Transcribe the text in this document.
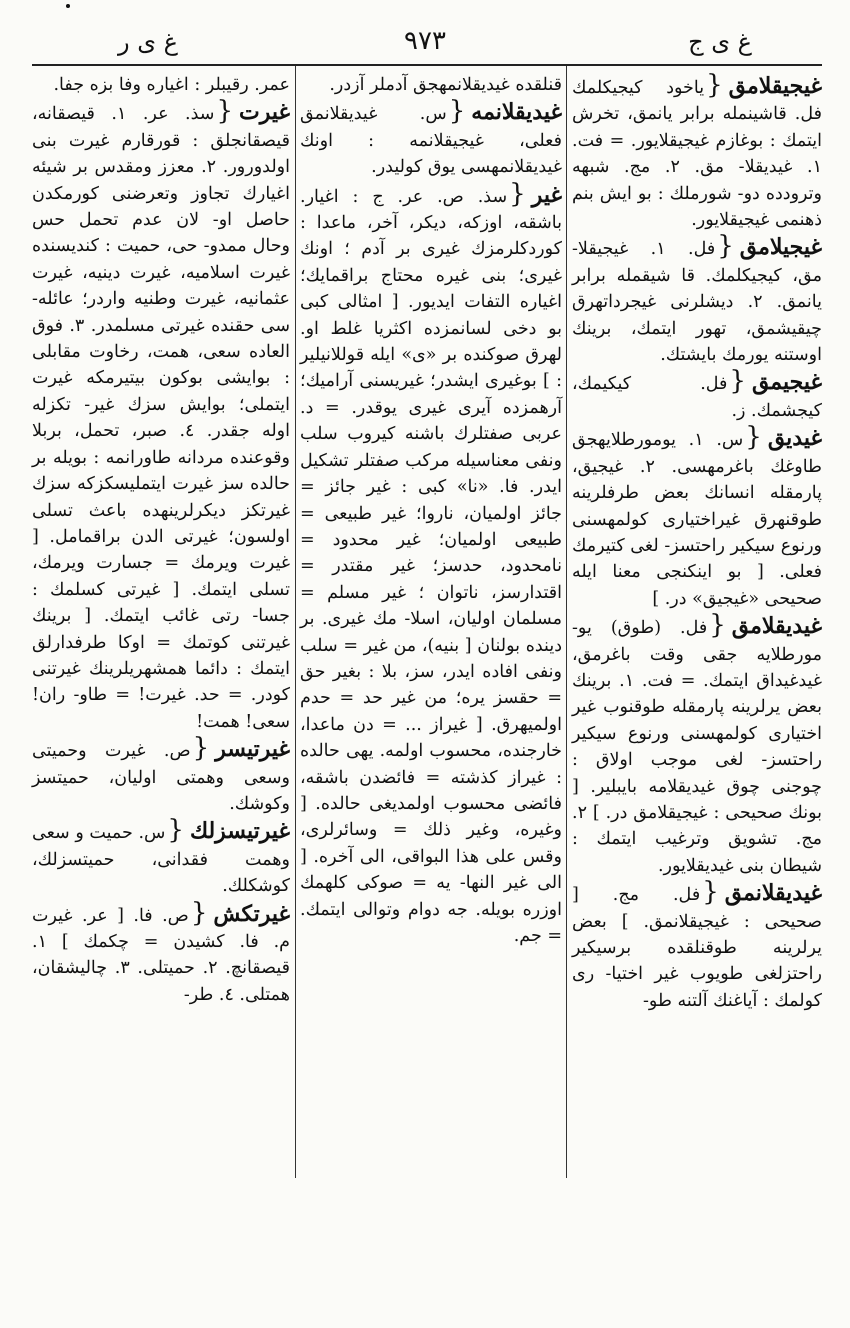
غ ى ج
٩٧٣
غ ى ر

غيجيقلامق{ياخود كيجيكلمك فل. قاشينمله برابر يانمق، تخرش ايتمك : بوغازم غيجيقلايور. = فت. ١. غيديقلا- مق. ٢. مج. شبهه وترودده دو- شورملك : بو ايش بنم ذهنمى غيجيقلايور.

غيجيلامق{فل. ١. غيجيقلا- مق، كيجيكلمك. قا شيقمله برابر يانمق. ٢. ديشلرنى غيجرداتهرق چيقيشمق، تهور ايتمك، برينك اوستنه يورمك بايشتك.

غيجيمق{فل. كيكيمك، كيجشمك. ز.

غيديق{س. ١. يومورطلايهجق طاوغك باغرمهسى. ٢. غيجيق، پارمقله انسانك بعض طرفلرينه طوقنهرق غيراختيارى كولمهسنى ورنوع سيكير راحتسز- لغى كتيرمك فعلى. [ بو اينكنجى معنا ايله صحيحى «غيجيق» در. ]

غيديقلامق{فل. (طوق) يو- مورطلايه جقى وقت باغرمق، غيدغيداق ايتمك. = فت. ١. برينك بعض يرلرينه پارمقله طوقنوب غير اختيارى كولمهسنى ورنوع سيكير راحتسز- لغى موجب اولاق : چوجنى چوق غيديقلامه بايبلير. [ بونك صحيحى : غيجيقلامق در. ] ٢. مج. تشويق وترغيب ايتمك : شيطان بنى غيديقلايور.

غيديقلانمق{فل. مج. [ صحيحى : غيجيقلانمق. ] بعض يرلرينه طوقنلقده برسيكير راحتزلغى طويوب غير اختيا- رى كولمك : آياغنك آلتنه طو-

قنلقده غيديقلانمهجق آدملر آزدر.

غيديقلانمه{س. غيديقلانمق فعلى، غيجيقلانمه : اونك غيديقلانمهسى يوق كوليدر.

غير{سذ. ص. عر. ج : اغيار. باشقه، اوزكه، ديكر، آخر، ماعدا : كوردكلرمزك غيرى بر آدم ؛ اونك غيرى؛ بنى غيره محتاج براقمايك؛ اغياره التفات ايديور. [ امثالى كبى بو دخى لسانمزده اكثريا غلط او. لهرق صوكنده بر «ى» ايله قوللانيلير : ] بوغيرى ايشدر؛ غيريسنى آراميك؛ آرهمزده آيرى غيرى يوقدر. = د. عربى صفتلرك باشنه كيروب سلب ونفى معناسيله مركب صفتلر تشكيل ايدر. فا. «نا» كبى : غير جائز = جائز اولميان، ناروا؛ غير طبيعى = طبيعى اولميان؛ غير محدود = نامحدود، حدسز؛ غير مقتدر = اقتدارسز، ناتوان ؛ غير مسلم = مسلمان اوليان، اسلا- مك غيرى. بر دينده بولنان [ بنيه)، من غير = سلب ونفى افاده ايدر، سز، بلا : بغير حق = حقسز يره؛ من غير حد = حدم اولميهرق. [ غيراز ... = دن ماعدا، خارجنده، محسوب اولمه. يهى حالده : غيراز كذشته = فائضدن باشقه، فائضى محسوب اولمديغى حالده. [ وغيره، وغير ذلك = وسائرلرى، وقس على هذا البواقى، الى آخره. [ الى غير النها- يه = صوكى كلهمك اوزره بويله. جه دوام وتوالى ايتمك. = جم.

عمر. رقيبلر : اغياره وفا بزه جفا.

غيرت{سذ. عر. ١. قيصقانه، قيصقانجلق : قورقارم غيرت بنى اولدورور. ٢. معزز ومقدس بر شيئه اغيارك تجاوز وتعرضنى كورمكدن حاصل او- لان عدم تحمل حس وحال ممدو- حى، حميت : كنديسنده غيرت اسلاميه، غيرت دينيه، غيرت عثمانيه، غيرت وطنيه واردر؛ عائله- سى حقنده غيرتى مسلمدر. ٣. فوق العاده سعى، همت، رخاوت مقابلى : بوايشى بوكون بيتيرمكه غيرت ايتملى؛ بوايش سزك غير- تكزله اوله جقدر. ٤. صبر، تحمل، بربلا وقوعنده مردانه طاورانمه : بويله بر حالده سز غيرت ايتمليسكزكه سزك غيرتكز ديكرلرينهده باعث تسلى اولسون؛ غيرتى الدن براقمامل. [ غيرت ويرمك = جسارت ويرمك، تسلى ايتمك. [ غيرتى كسلمك : جسا- رتى غائب ايتمك. [ برينك غيرتنى كوتمك = اوكا طرفدارلق ايتمك : دائما همشهريلرينك غيرتنى كودر. = حد. غيرت! = طاو- ران! سعى! همت!

غيرتيسر{ص. غيرت وحميتى وسعى وهمتى اوليان، حميتسز وكوشك.

غيرتيسزلك{س. حميت و سعى وهمت فقدانى، حميتسزلك، كوشكلك.

غيرتكش{ص. فا. [ عر. غيرت م. فا. كشيدن = چكمك ] ١. قيصقانچ. ٢. حميتلى. ٣. چاليشقان، همتلى. ٤. طر-
